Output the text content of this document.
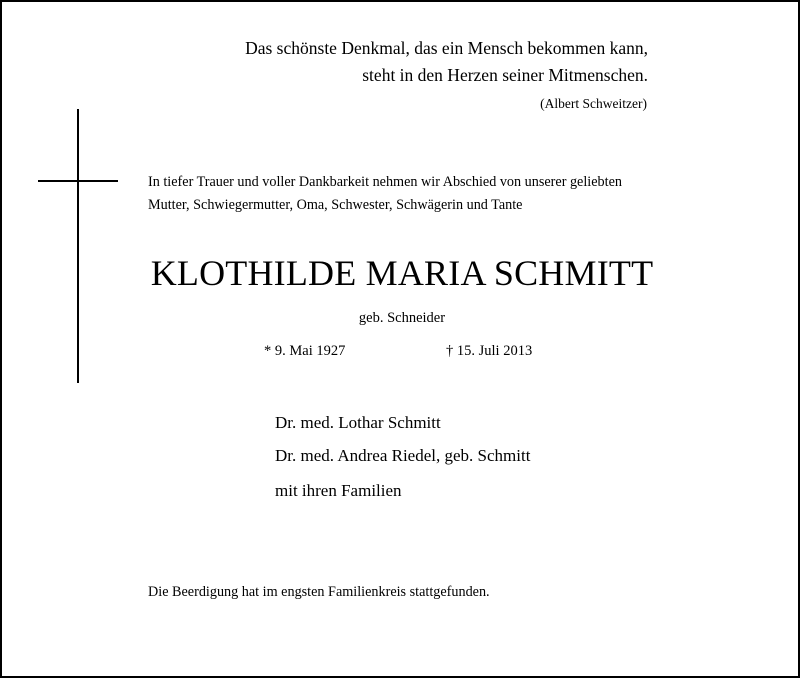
Das schönste Denkmal, das ein Mensch bekommen kann,
steht in den Herzen seiner Mitmenschen.
(Albert Schweitzer)
In tiefer Trauer und voller Dankbarkeit nehmen wir Abschied von unserer geliebten
Mutter, Schwiegermutter, Oma, Schwester, Schwägerin und Tante
KLOTHILDE MARIA SCHMITT
geb. Schneider
* 9. Mai 1927	† 15. Juli 2013
Dr. med. Lothar Schmitt
Dr. med. Andrea Riedel, geb. Schmitt
mit ihren Familien
Die Beerdigung hat im engsten Familienkreis stattgefunden.
